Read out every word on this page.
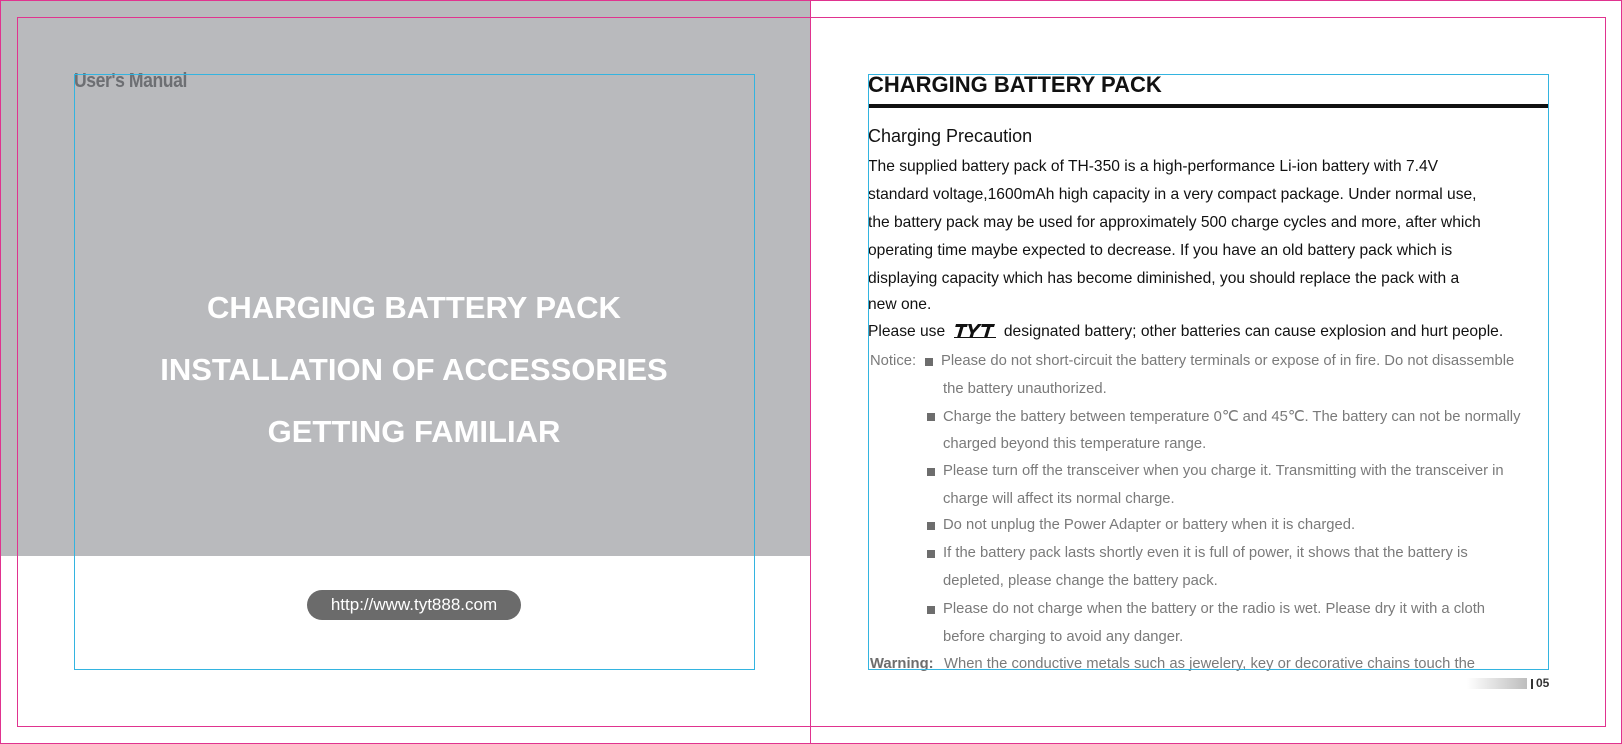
User's Manual
CHARGING BATTERY PACK
INSTALLATION OF ACCESSORIES
GETTING FAMILIAR
http://www.tyt888.com
CHARGING BATTERY PACK
Charging Precaution
The supplied battery pack of TH-350 is a high-performance Li-ion battery with 7.4V
standard voltage,1600mAh high capacity in a very compact package. Under normal use,
the battery pack may be used for approximately 500 charge cycles and more, after which
operating time maybe expected to decrease. If you have an old battery pack which is
displaying capacity which has become diminished, you should replace the pack with a
new one.
Please use	designated battery; other batteries can cause explosion and hurt people.
Notice: Please do not short-circuit the battery terminals or expose of in fire. Do not disassemble
the battery unauthorized.
Charge the battery between temperature 0℃ and 45℃. The battery can not be normally
charged beyond this temperature range.
Please turn off the transceiver when you charge it. Transmitting with the transceiver in
charge will affect its normal charge.
Do not unplug the Power Adapter or battery when it is charged.
If the battery pack lasts shortly even it is full of power, it shows that the battery is
depleted, please change the battery pack.
Please do not charge when the battery or the radio is wet. Please dry it with a cloth
before charging to avoid any danger.
Warning: When the conductive metals such as jewelery, key or decorative chains touch the
05
